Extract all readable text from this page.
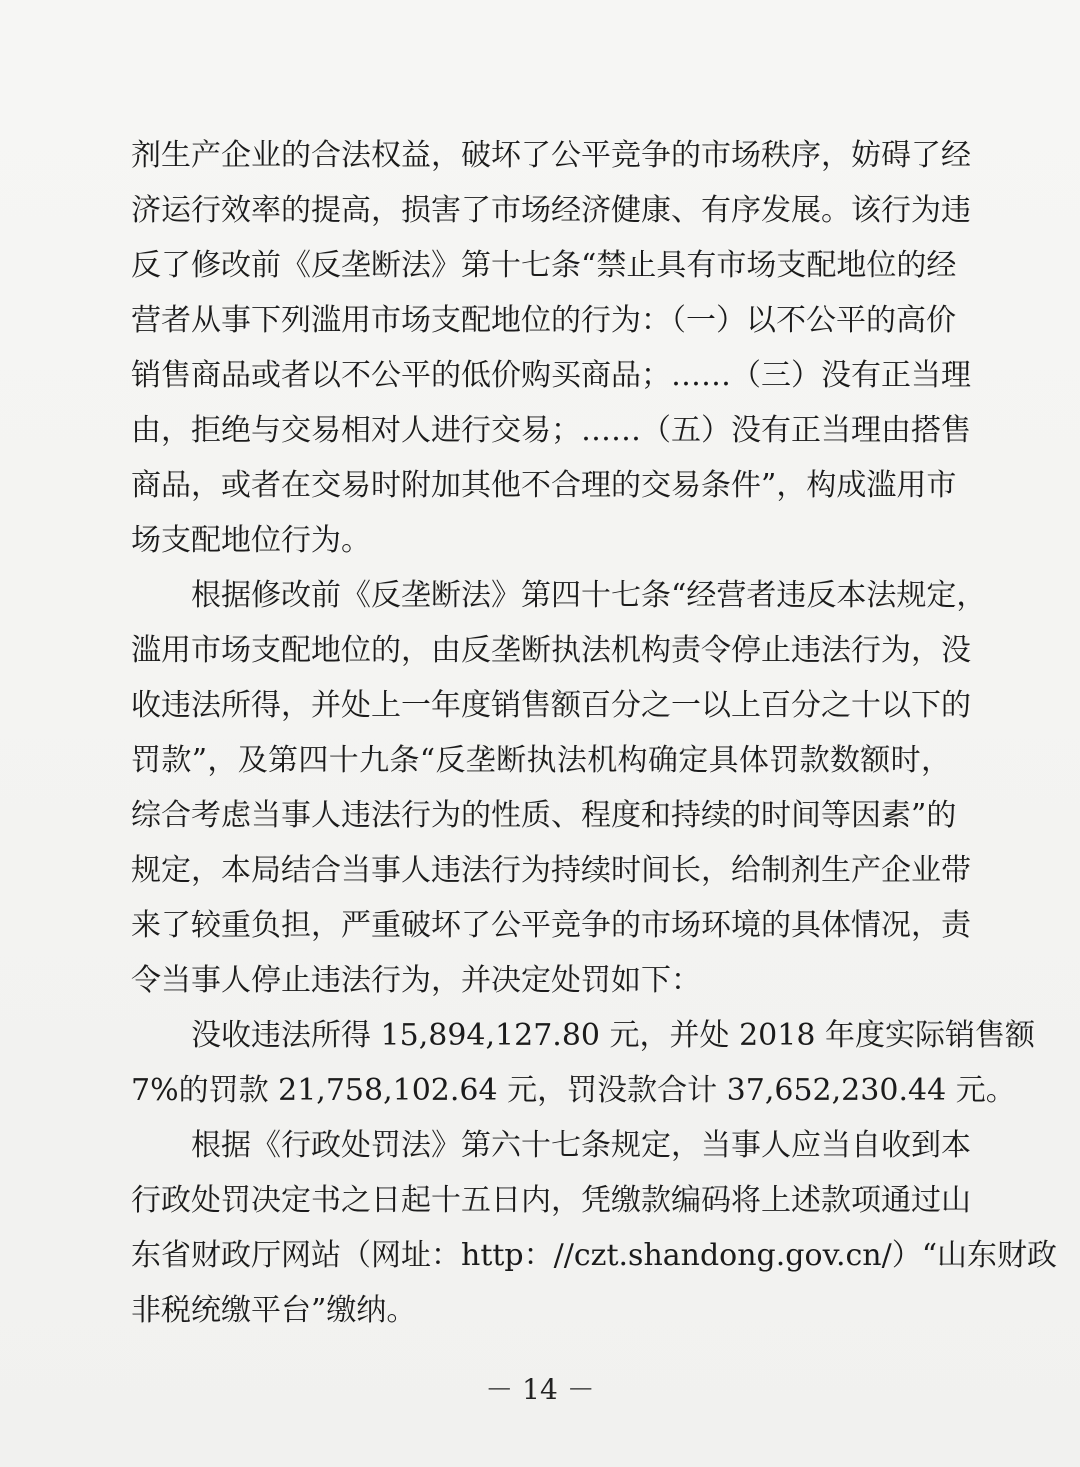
剂生产企业的合法权益，破坏了公平竞争的市场秩序，妨碍了经
济运行效率的提高，损害了市场经济健康、有序发展。该行为违
反了修改前《反垄断法》第十七条“禁止具有市场支配地位的经
营者从事下列滥用市场支配地位的行为：（一）以不公平的高价
销售商品或者以不公平的低价购买商品；……（三）没有正当理
由，拒绝与交易相对人进行交易；……（五）没有正当理由搭售
商品，或者在交易时附加其他不合理的交易条件”，构成滥用市
场支配地位行为。
根据修改前《反垄断法》第四十七条“经营者违反本法规定，
滥用市场支配地位的，由反垄断执法机构责令停止违法行为，没
收违法所得，并处上一年度销售额百分之一以上百分之十以下的
罚款”，及第四十九条“反垄断执法机构确定具体罚款数额时，
综合考虑当事人违法行为的性质、程度和持续的时间等因素”的
规定，本局结合当事人违法行为持续时间长，给制剂生产企业带
来了较重负担，严重破坏了公平竞争的市场环境的具体情况，责
令当事人停止违法行为，并决定处罚如下：
没收违法所得 15,894,127.80 元，并处 2018 年度实际销售额
7%的罚款 21,758,102.64 元，罚没款合计 37,652,230.44 元。
根据《行政处罚法》第六十七条规定，当事人应当自收到本
行政处罚决定书之日起十五日内，凭缴款编码将上述款项通过山
东省财政厅网站（网址：http：//czt.shandong.gov.cn/）“山东财政
非税统缴平台”缴纳。
－ 14 －
